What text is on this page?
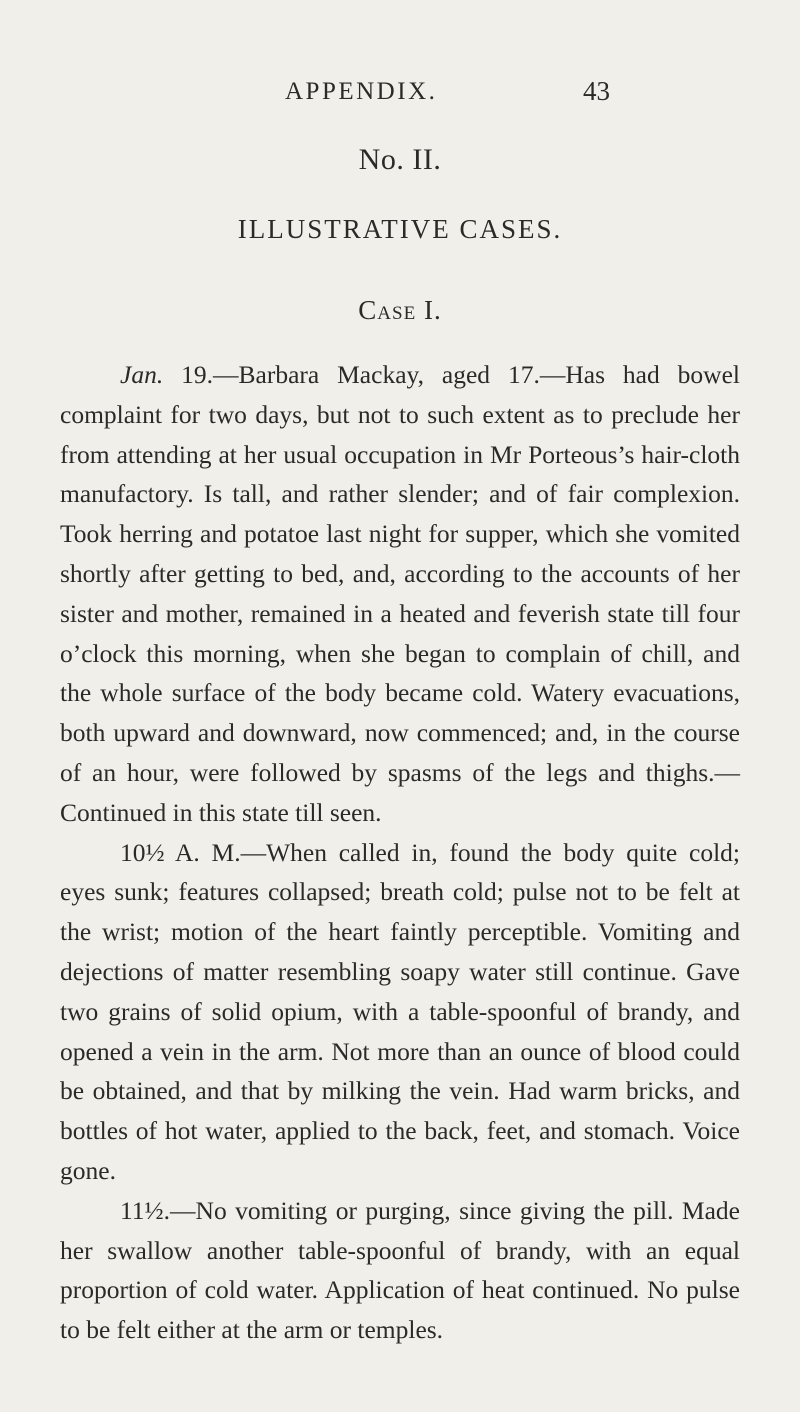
APPENDIX.	43
No. II.
ILLUSTRATIVE CASES.
Case I.

Jan. 19.—Barbara Mackay, aged 17.—Has had bowel complaint for two days, but not to such extent as to preclude her from attending at her usual occupation in Mr Porteous’s hair-cloth manufactory. Is tall, and rather slender; and of fair complexion. Took herring and potatoe last night for supper, which she vomited shortly after getting to bed, and, according to the accounts of her sister and mother, remained in a heated and feverish state till four o’clock this morning, when she began to complain of chill, and the whole surface of the body became cold. Watery evacuations, both upward and downward, now commenced; and, in the course of an hour, were followed by spasms of the legs and thighs.—Continued in this state till seen.

10½ A. M.—When called in, found the body quite cold; eyes sunk; features collapsed; breath cold; pulse not to be felt at the wrist; motion of the heart faintly perceptible. Vomiting and dejections of matter resembling soapy water still continue. Gave two grains of solid opium, with a table-spoonful of brandy, and opened a vein in the arm. Not more than an ounce of blood could be obtained, and that by milking the vein. Had warm bricks, and bottles of hot water, applied to the back, feet, and stomach. Voice gone.

11½.—No vomiting or purging, since giving the pill. Made her swallow another table-spoonful of brandy, with an equal proportion of cold water. Application of heat continued. No pulse to be felt either at the arm or temples.
